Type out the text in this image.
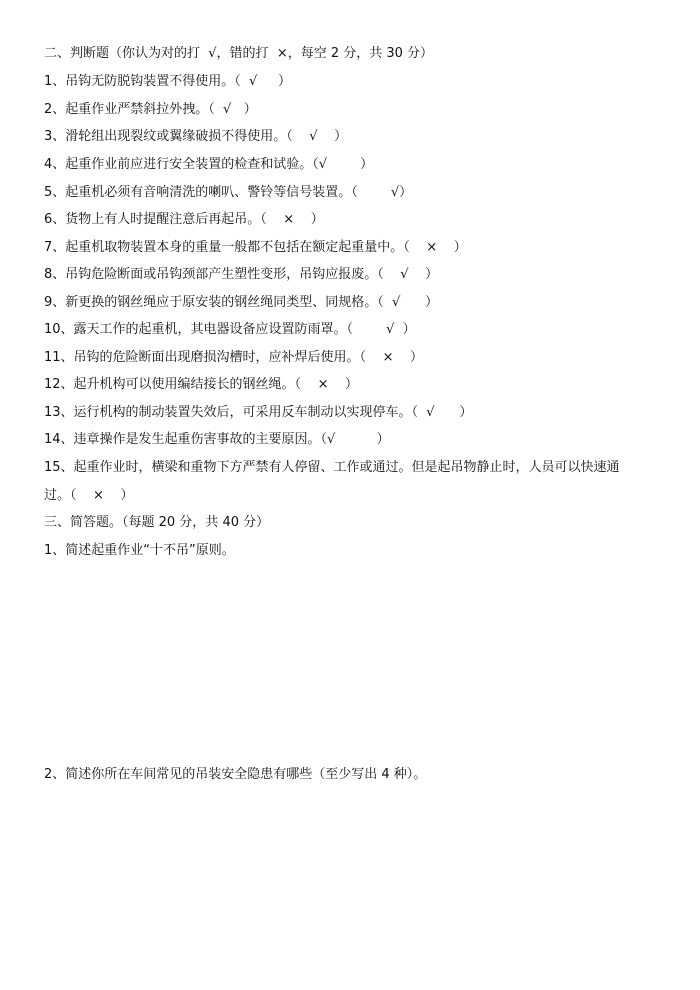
二、判断题（你认为对的打  √，错的打  ×，每空 2 分，共 30 分）
1、吊钩无防脱钩装置不得使用。（  √     ）
2、起重作业严禁斜拉外拽。（  √   ）
3、滑轮组出现裂纹或翼缘破损不得使用。（    √    ）
4、起重作业前应进行安全装置的检查和试验。（√        ）
5、起重机必须有音响清洗的喇叭、警铃等信号装置。（        √）
6、货物上有人时提醒注意后再起吊。（    ×    ）
7、起重机取物装置本身的重量一般都不包括在额定起重量中。（    ×    ）
8、吊钩危险断面或吊钩颈部产生塑性变形，吊钩应报废。（    √    ）
9、新更换的钢丝绳应于原安装的钢丝绳同类型、同规格。（  √      ）
10、露天工作的起重机，其电器设备应设置防雨罩。（        √  ）
11、吊钩的危险断面出现磨损沟槽时，应补焊后使用。（    ×    ）
12、起升机构可以使用编结接长的钢丝绳。（    ×    ）
13、运行机构的制动装置失效后，可采用反车制动以实现停车。（  √      ）
14、违章操作是发生起重伤害事故的主要原因。（√          ）
15、起重作业时，横梁和重物下方严禁有人停留、工作或通过。但是起吊物静止时，人员可以快速通
过。（    ×    ）
三、简答题。（每题 20 分，共 40 分）
1、简述起重作业“十不吊”原则。
2、简述你所在车间常见的吊装安全隐患有哪些（至少写出 4 种）。
